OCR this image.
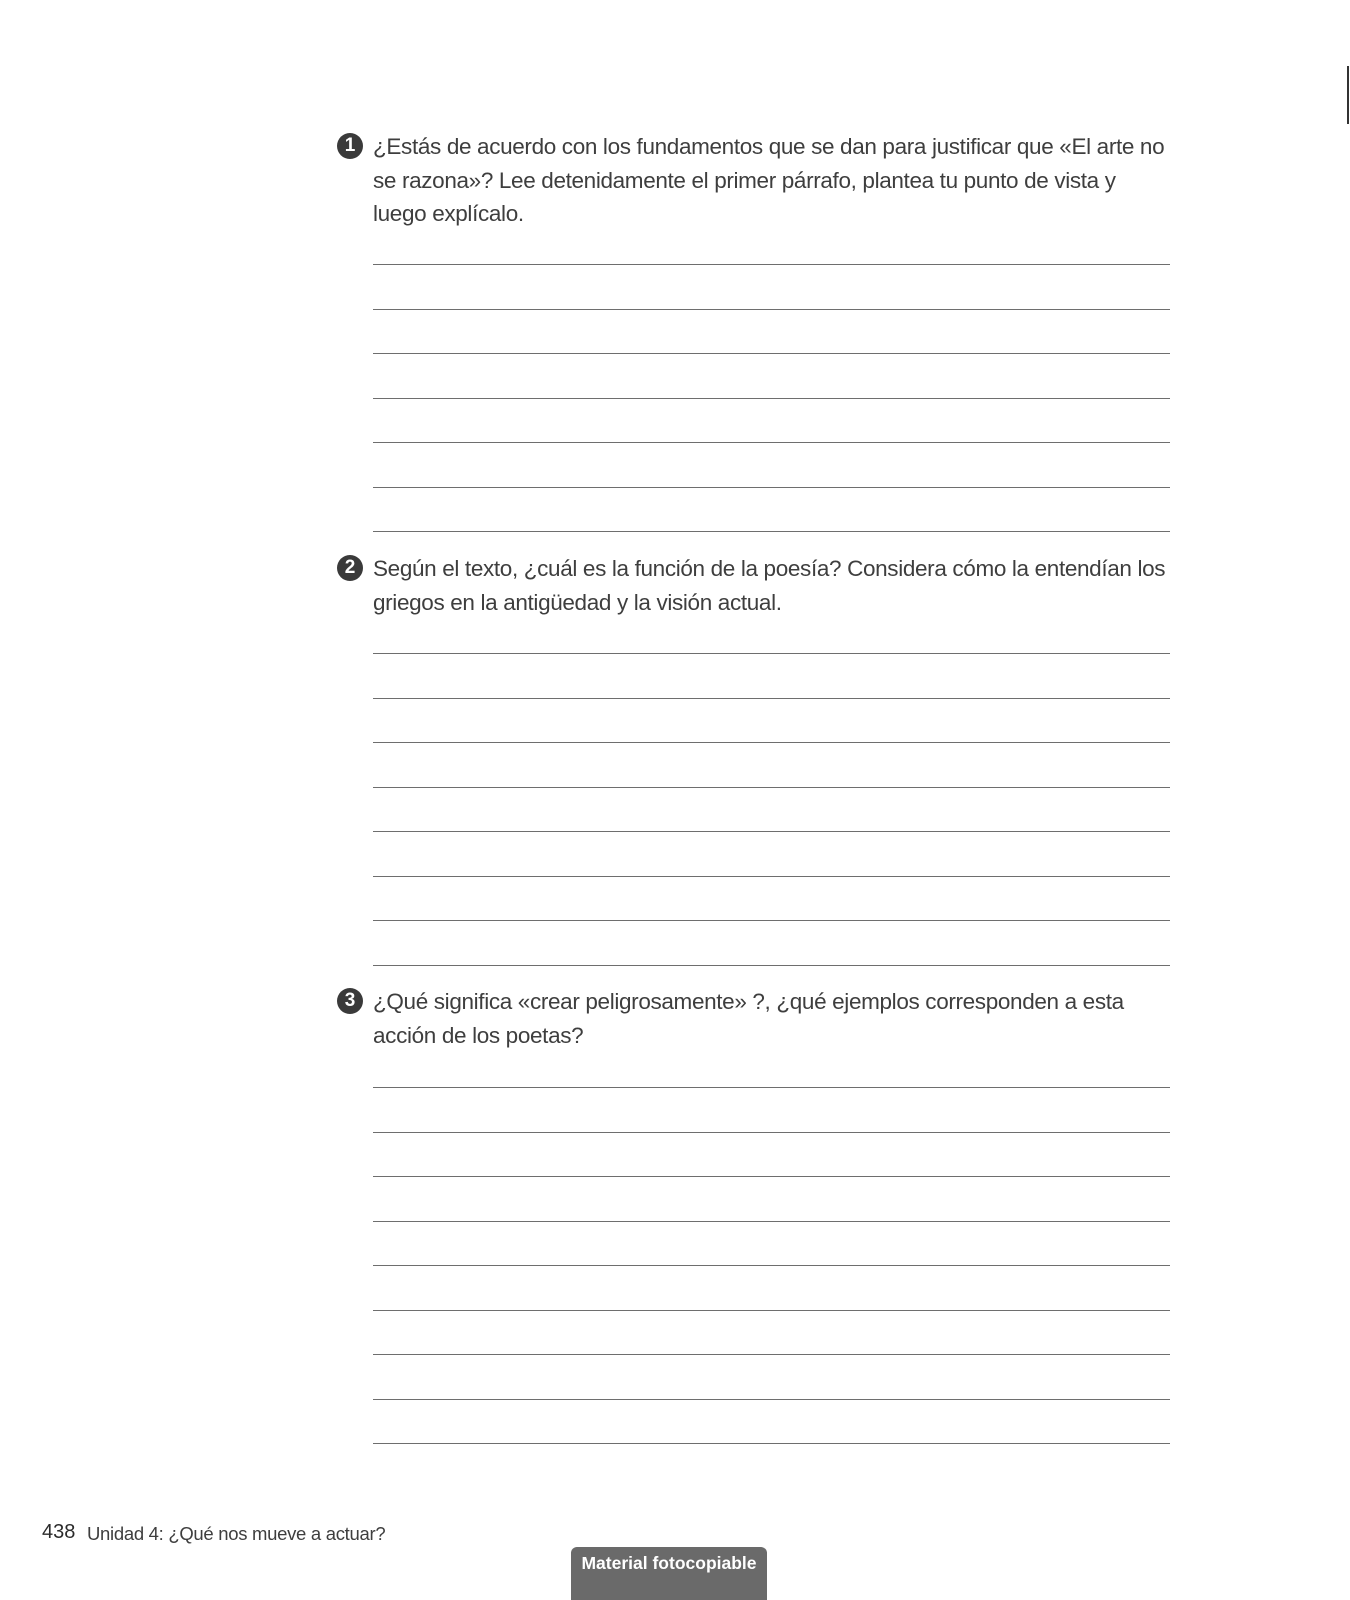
1 ¿Estás de acuerdo con los fundamentos que se dan para justificar que «El arte no se razona»? Lee detenidamente el primer párrafo, plantea tu punto de vista y luego explícalo.

2 Según el texto, ¿cuál es la función de la poesía? Considera cómo la entendían los griegos en la antigüedad y la visión actual.

3 ¿Qué significa «crear peligrosamente» ?, ¿qué ejemplos corresponden a esta acción de los poetas?

438 Unidad 4: ¿Qué nos mueve a actuar?
Material fotocopiable
